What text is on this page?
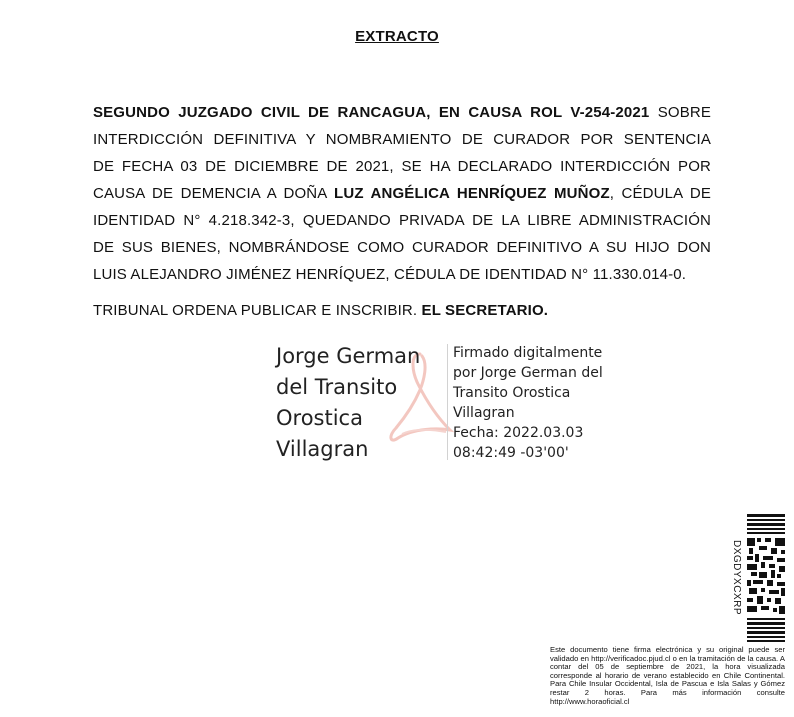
EXTRACTO
SEGUNDO JUZGADO CIVIL DE RANCAGUA, EN CAUSA ROL V-254-2021 SOBRE
INTERDICCIÓN DEFINITIVA Y NOMBRAMIENTO DE CURADOR POR SENTENCIA
DE FECHA 03 DE DICIEMBRE DE 2021, SE HA DECLARADO INTERDICCIÓN POR
CAUSA DE DEMENCIA A DOÑA LUZ ANGÉLICA HENRÍQUEZ MUÑOZ, CÉDULA DE
IDENTIDAD N° 4.218.342-3, QUEDANDO PRIVADA DE LA LIBRE ADMINISTRACIÓN
DE SUS BIENES, NOMBRÁNDOSE COMO CURADOR DEFINITIVO A SU HIJO DON
LUIS ALEJANDRO JIMÉNEZ HENRÍQUEZ, CÉDULA DE IDENTIDAD N° 11.330.014-0.
TRIBUNAL ORDENA PUBLICAR E INSCRIBIR. EL SECRETARIO.
Jorge German
del Transito
Orostica
Villagran
Firmado digitalmente
por Jorge German del
Transito Orostica
Villagran
Fecha: 2022.03.03
08:42:49 -03'00'
DXGDYXCXRP
Este documento tiene firma electrónica y su original puede ser validado en http://verificadoc.pjud.cl o en la tramitación de la causa. A contar del 05 de septiembre de 2021, la hora visualizada corresponde al horario de verano establecido en Chile Continental. Para Chile Insular Occidental, Isla de Pascua e Isla Salas y Gómez restar 2 horas. Para más información consulte http://www.horaoficial.cl
